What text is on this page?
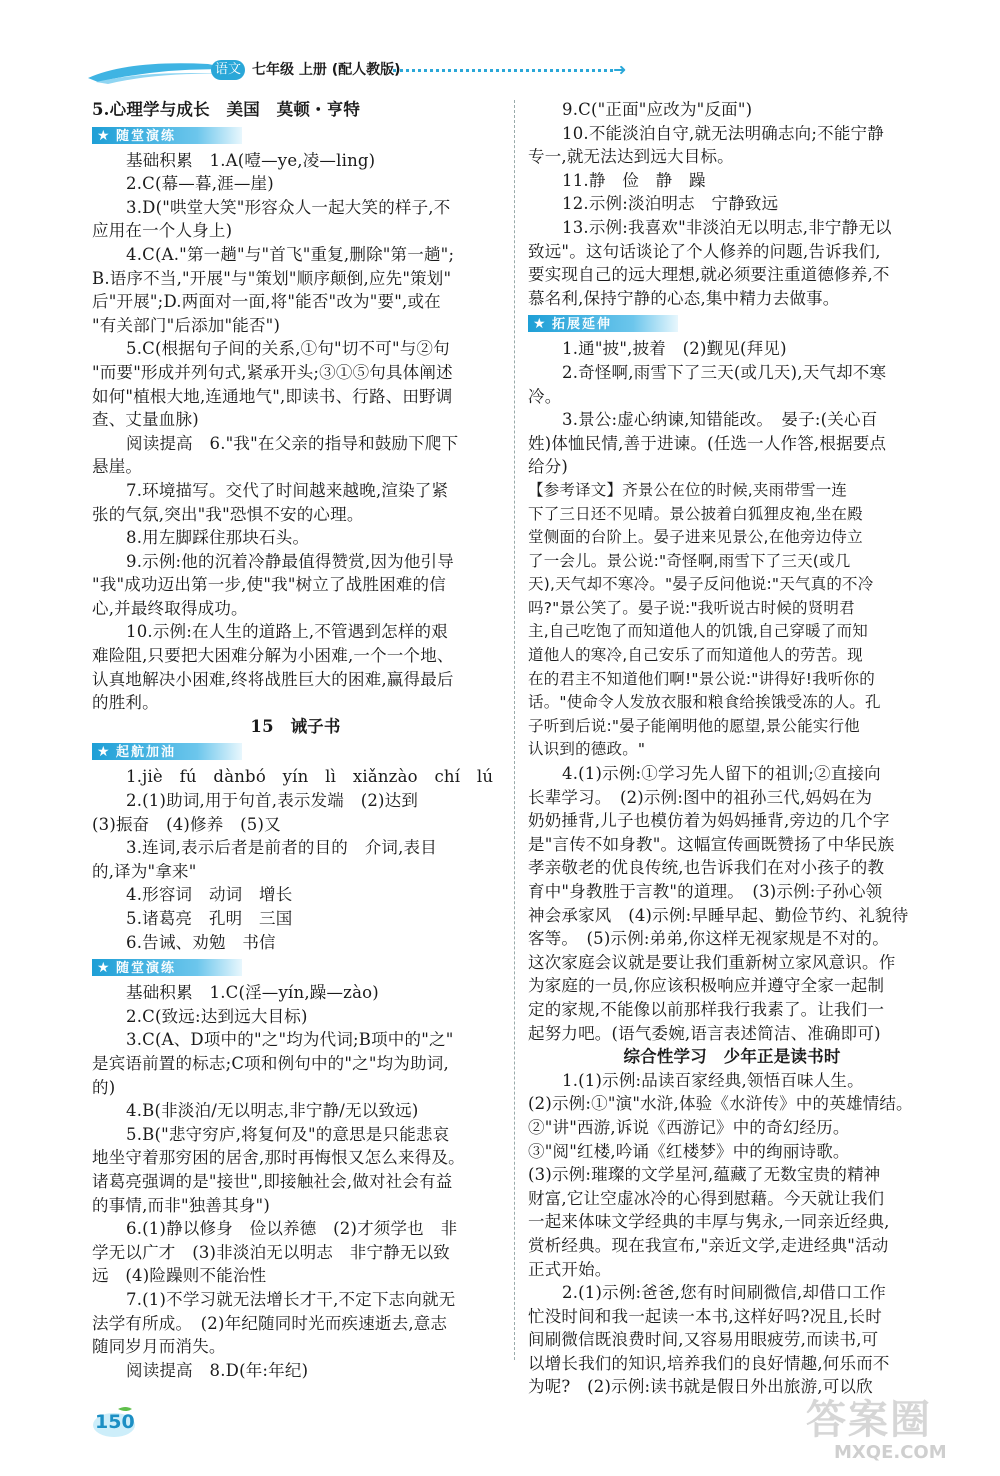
语文 七年级 上册 (配人教版)	➜
5.心理学与成长　美国　莫顿・亨特
★ 随堂演练
基础积累　1.A(噎—ye,凌—ling)
2.C(幕—暮,涯—崖)
3.D("哄堂大笑"形容众人一起大笑的样子,不
应用在一个人身上)
4.C(A."第一趟"与"首飞"重复,删除"第一趟";
B.语序不当,"开展"与"策划"顺序颠倒,应先"策划"
后"开展";D.两面对一面,将"能否"改为"要",或在
"有关部门"后添加"能否")
5.C(根据句子间的关系,①句"切不可"与②句
"而要"形成并列句式,紧承开头;③①⑤句具体阐述
如何"植根大地,连通地气",即读书、行路、田野调
查、丈量血脉)
阅读提高　6."我"在父亲的指导和鼓励下爬下
悬崖。
7.环境描写。交代了时间越来越晚,渲染了紧
张的气氛,突出"我"恐惧不安的心理。
8.用左脚踩住那块石头。
9.示例:他的沉着冷静最值得赞赏,因为他引导
"我"成功迈出第一步,使"我"树立了战胜困难的信
心,并最终取得成功。
10.示例:在人生的道路上,不管遇到怎样的艰
难险阻,只要把大困难分解为小困难,一个一个地、
认真地解决小困难,终将战胜巨大的困难,赢得最后
的胜利。
15　诫子书
★ 起航加油
1.jiè　fú　dànbó　yín　lì　xiǎnzào　chí　lú
2.(1)助词,用于句首,表示发端　(2)达到
(3)振奋　(4)修养　(5)又
3.连词,表示后者是前者的目的　介词,表目
的,译为"拿来"
4.形容词　动词　增长
5.诸葛亮　孔明　三国
6.告诫、劝勉　书信
★ 随堂演练
基础积累　1.C(淫—yín,躁—zào)
2.C(致远:达到远大目标)
3.C(A、D项中的"之"均为代词;B项中的"之"
是宾语前置的标志;C项和例句中的"之"均为助词,
的)
4.B(非淡泊/无以明志,非宁静/无以致远)
5.B("悲守穷庐,将复何及"的意思是只能悲哀
地坐守着那穷困的居舍,那时再悔恨又怎么来得及。
诸葛亮强调的是"接世",即接触社会,做对社会有益
的事情,而非"独善其身")
6.(1)静以修身　俭以养德　(2)才须学也　非
学无以广才　(3)非淡泊无以明志　非宁静无以致
远　(4)险躁则不能治性
7.(1)不学习就无法增长才干,不定下志向就无
法学有所成。　(2)年纪随同时光而疾速逝去,意志
随同岁月而消失。
阅读提高　8.D(年:年纪)
9.C("正面"应改为"反面")
10.不能淡泊自守,就无法明确志向;不能宁静
专一,就无法达到远大目标。
11.静　俭　静　躁
12.示例:淡泊明志　宁静致远
13.示例:我喜欢"非淡泊无以明志,非宁静无以
致远"。这句话谈论了个人修养的问题,告诉我们,
要实现自己的远大理想,就必须要注重道德修养,不
慕名利,保持宁静的心态,集中精力去做事。
★ 拓展延伸
1.通"披",披着　(2)觐见(拜见)
2.奇怪啊,雨雪下了三天(或几天),天气却不寒
冷。
3.景公:虚心纳谏,知错能改。　晏子:(关心百
姓)体恤民情,善于进谏。(任选一人作答,根据要点
给分)
【参考译文】齐景公在位的时候,夹雨带雪一连
下了三日还不见晴。景公披着白狐狸皮袍,坐在殿
堂侧面的台阶上。晏子进来见景公,在他旁边侍立
了一会儿。景公说:"奇怪啊,雨雪下了三天(或几
天),天气却不寒冷。"晏子反问他说:"天气真的不冷
吗?"景公笑了。晏子说:"我听说古时候的贤明君
主,自己吃饱了而知道他人的饥饿,自己穿暖了而知
道他人的寒冷,自己安乐了而知道他人的劳苦。现
在的君主不知道他们啊!"景公说:"讲得好!我听你的
话。"使命令人发放衣服和粮食给挨饿受冻的人。孔
子听到后说:"晏子能阐明他的愿望,景公能实行他
认识到的德政。"
4.(1)示例:①学习先人留下的祖训;②直接向
长辈学习。　(2)示例:图中的祖孙三代,妈妈在为
奶奶捶背,儿子也模仿着为妈妈捶背,旁边的几个字
是"言传不如身教"。这幅宣传画既赞扬了中华民族
孝亲敬老的优良传统,也告诉我们在对小孩子的教
育中"身教胜于言教"的道理。　(3)示例:子孙心领
神会承家风　(4)示例:早睡早起、勤俭节约、礼貌待
客等。　(5)示例:弟弟,你这样无视家规是不对的。
这次家庭会议就是要让我们重新树立家风意识。作
为家庭的一员,你应该积极响应并遵守全家一起制
定的家规,不能像以前那样我行我素了。让我们一
起努力吧。(语气委婉,语言表述简洁、准确即可)
综合性学习　少年正是读书时
1.(1)示例:品读百家经典,领悟百味人生。
(2)示例:①"演"水浒,体验《水浒传》中的英雄情结。
②"讲"西游,诉说《西游记》中的奇幻经历。
③"阅"红楼,吟诵《红楼梦》中的绚丽诗歌。
(3)示例:璀璨的文学星河,蕴藏了无数宝贵的精神
财富,它让空虚冰冷的心得到慰藉。今天就让我们
一起来体味文学经典的丰厚与隽永,一同亲近经典,
赏析经典。现在我宣布,"亲近文学,走进经典"活动
正式开始。
2.(1)示例:爸爸,您有时间刷微信,却借口工作
忙没时间和我一起读一本书,这样好吗?况且,长时
间刷微信既浪费时间,又容易用眼疲劳,而读书,可
以增长我们的知识,培养我们的良好情趣,何乐而不
为呢?　(2)示例:读书就是假日外出旅游,可以欣
150	答案圈
MXQE.COM
